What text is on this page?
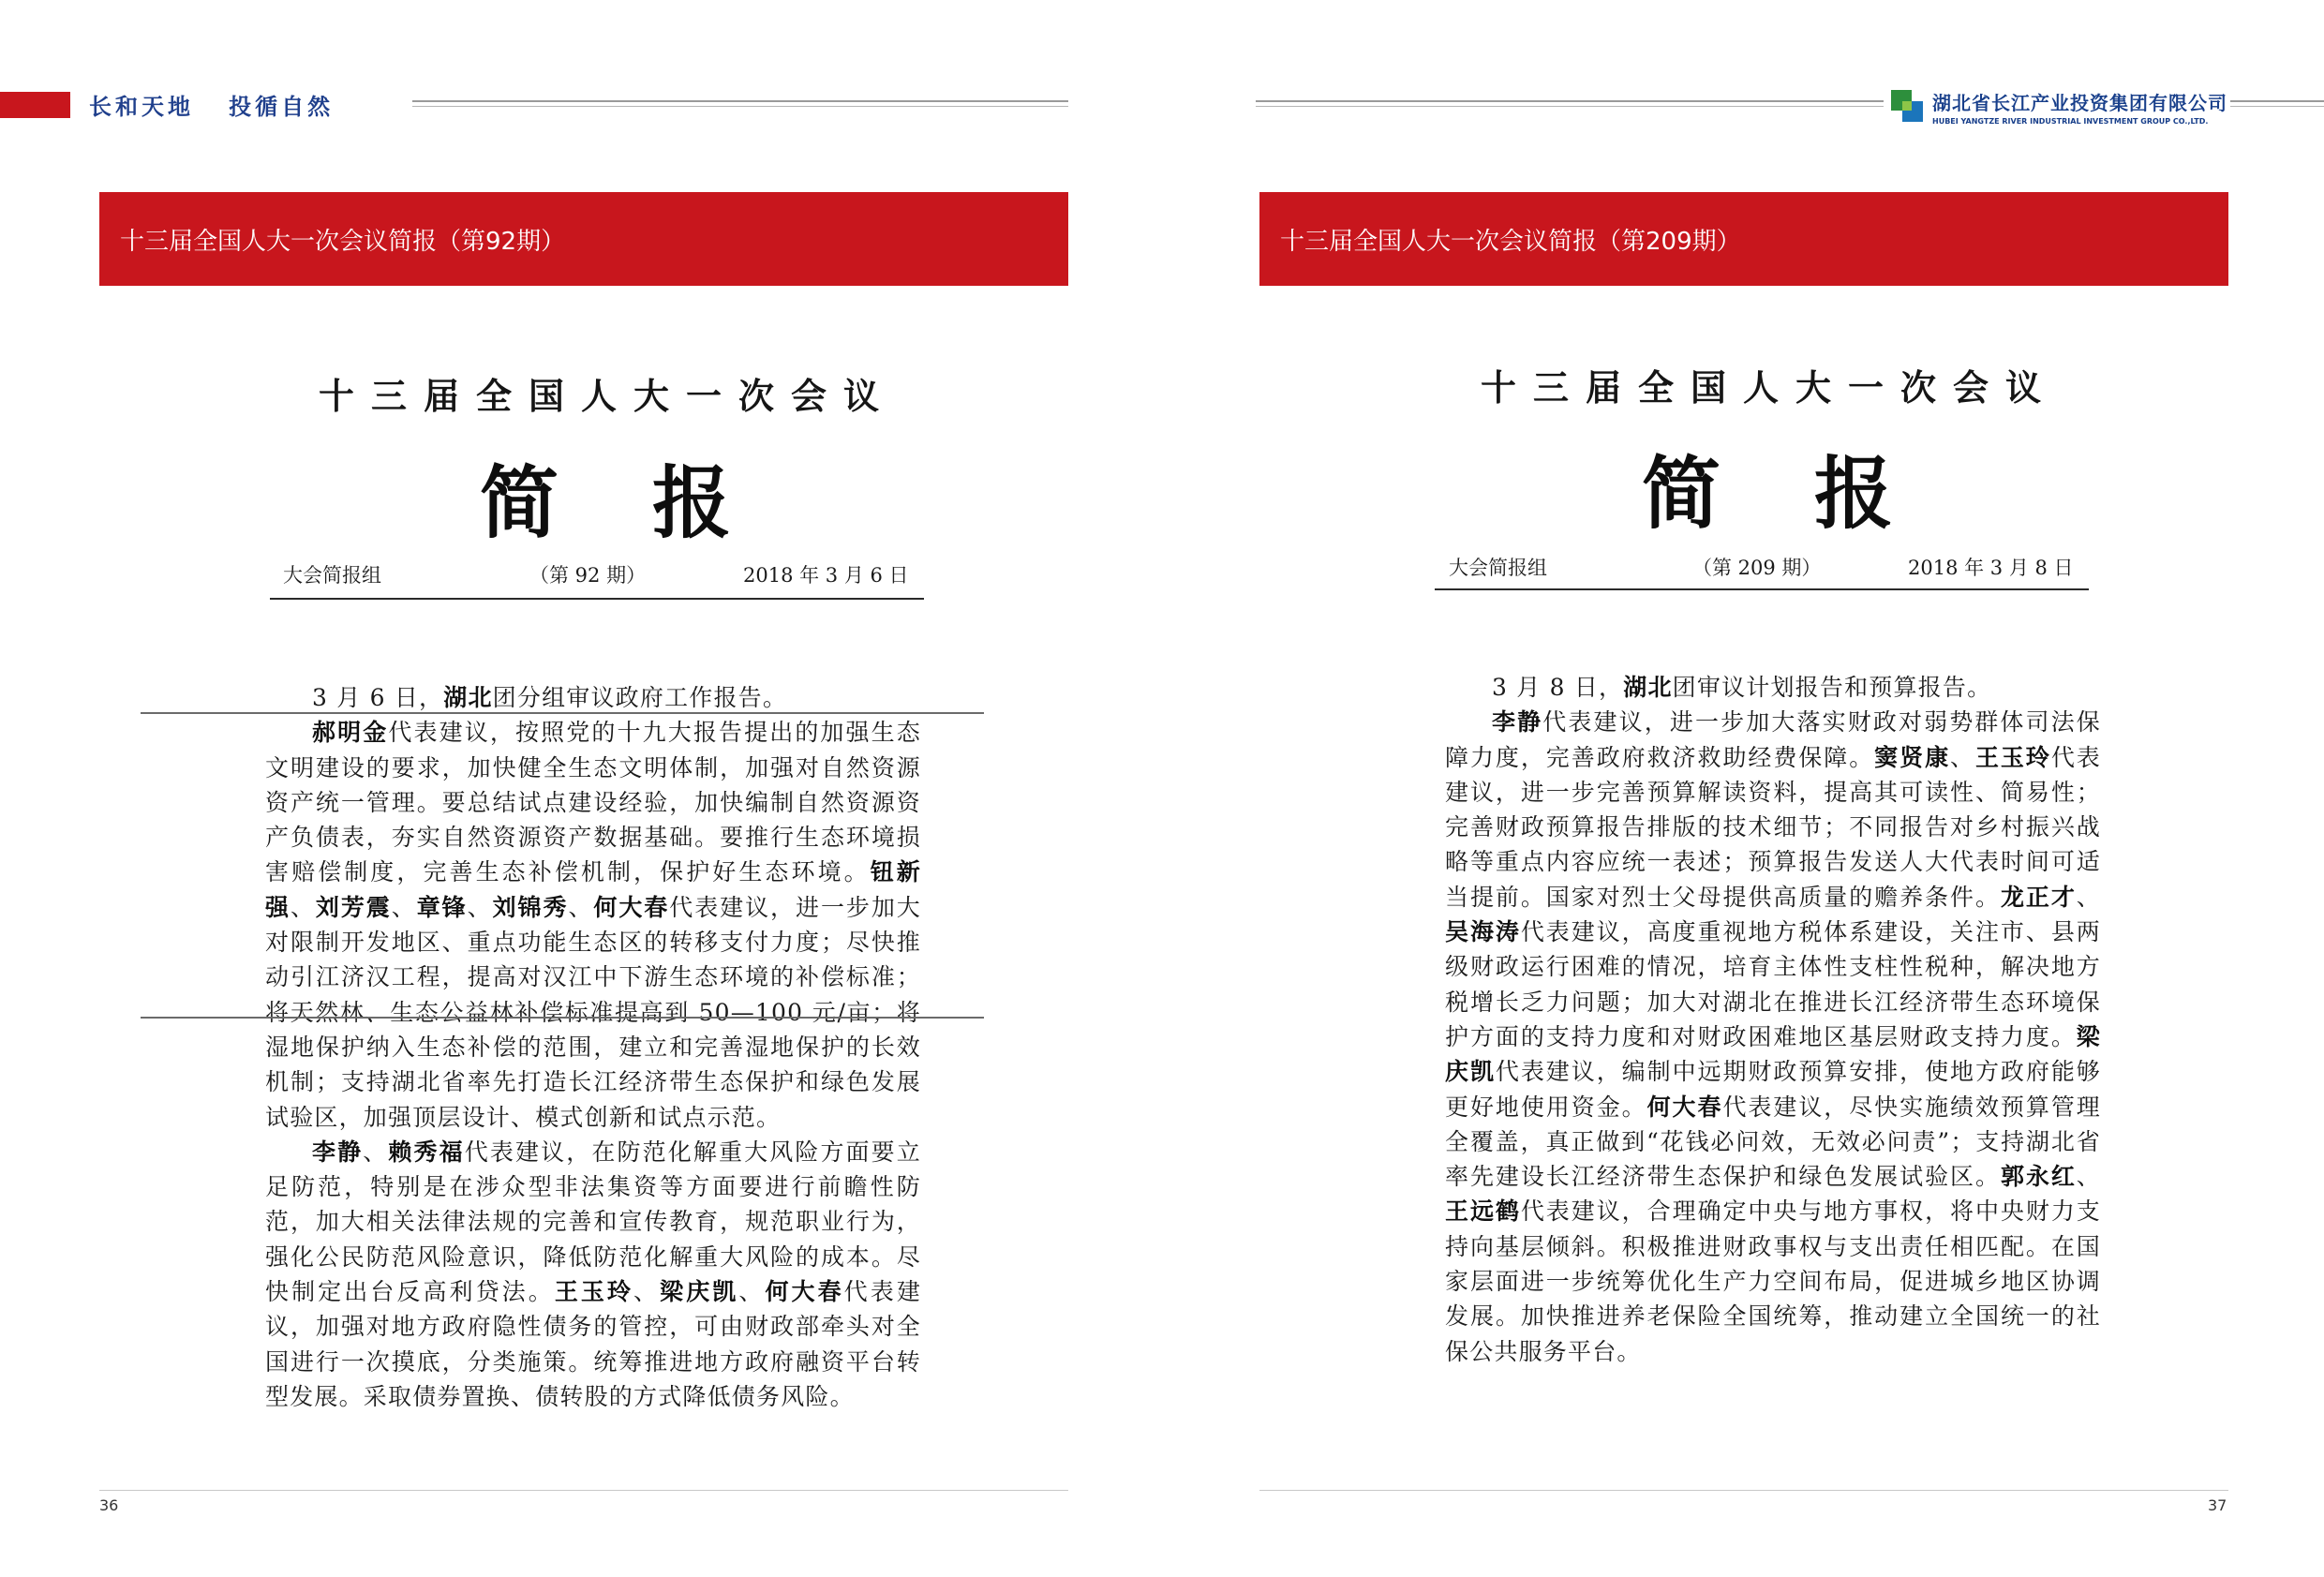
长和天地   投循自然	湖北省长江产业投资集团有限公司
HUBEI YANGTZE RIVER INDUSTRIAL INVESTMENT GROUP CO.,LTD.
十三届全国人大一次会议简报（第92期）
十三届全国人大一次会议
简报
大会简报组	（第 92 期）	2018 年 3 月 6 日

3 月 6 日，湖北团分组审议政府工作报告。

郝明金代表建议，按照党的十九大报告提出的加强生态文明建设的要求，加快健全生态文明体制，加强对自然资源资产统一管理。要总结试点建设经验，加快编制自然资源资产负债表，夯实自然资源资产数据基础。要推行生态环境损害赔偿制度，完善生态补偿机制，保护好生态环境。钮新强、刘芳震、章锋、刘锦秀、何大春代表建议，进一步加大对限制开发地区、重点功能生态区的转移支付力度；尽快推动引江济汉工程，提高对汉江中下游生态环境的补偿标准；将天然林、生态公益林补偿标准提高到 50—100 元/亩；将湿地保护纳入生态补偿的范围，建立和完善湿地保护的长效机制；支持湖北省率先打造长江经济带生态保护和绿色发展试验区，加强顶层设计、模式创新和试点示范。

李静、赖秀福代表建议，在防范化解重大风险方面要立足防范，特别是在涉众型非法集资等方面要进行前瞻性防范，加大相关法律法规的完善和宣传教育，规范职业行为，强化公民防范风险意识，降低防范化解重大风险的成本。尽快制定出台反高利贷法。王玉玲、梁庆凯、何大春代表建议，加强对地方政府隐性债务的管控，可由财政部牵头对全国进行一次摸底，分类施策。统筹推进地方政府融资平台转型发展。采取债券置换、债转股的方式降低债务风险。

36
十三届全国人大一次会议简报（第209期）
十三届全国人大一次会议
简报
大会简报组	（第 209 期）	2018 年 3 月 8 日

3 月 8 日，湖北团审议计划报告和预算报告。

李静代表建议，进一步加大落实财政对弱势群体司法保障力度，完善政府救济救助经费保障。窦贤康、王玉玲代表建议，进一步完善预算解读资料，提高其可读性、简易性；完善财政预算报告排版的技术细节；不同报告对乡村振兴战略等重点内容应统一表述；预算报告发送人大代表时间可适当提前。国家对烈士父母提供高质量的赡养条件。龙正才、吴海涛代表建议，高度重视地方税体系建设，关注市、县两级财政运行困难的情况，培育主体性支柱性税种，解决地方税增长乏力问题；加大对湖北在推进长江经济带生态环境保护方面的支持力度和对财政困难地区基层财政支持力度。梁庆凯代表建议，编制中远期财政预算安排，使地方政府能够更好地使用资金。何大春代表建议，尽快实施绩效预算管理全覆盖，真正做到“花钱必问效，无效必问责”；支持湖北省率先建设长江经济带生态保护和绿色发展试验区。郭永红、王远鹤代表建议，合理确定中央与地方事权，将中央财力支持向基层倾斜。积极推进财政事权与支出责任相匹配。在国家层面进一步统筹优化生产力空间布局，促进城乡地区协调发展。加快推进养老保险全国统筹，推动建立全国统一的社保公共服务平台。

37
